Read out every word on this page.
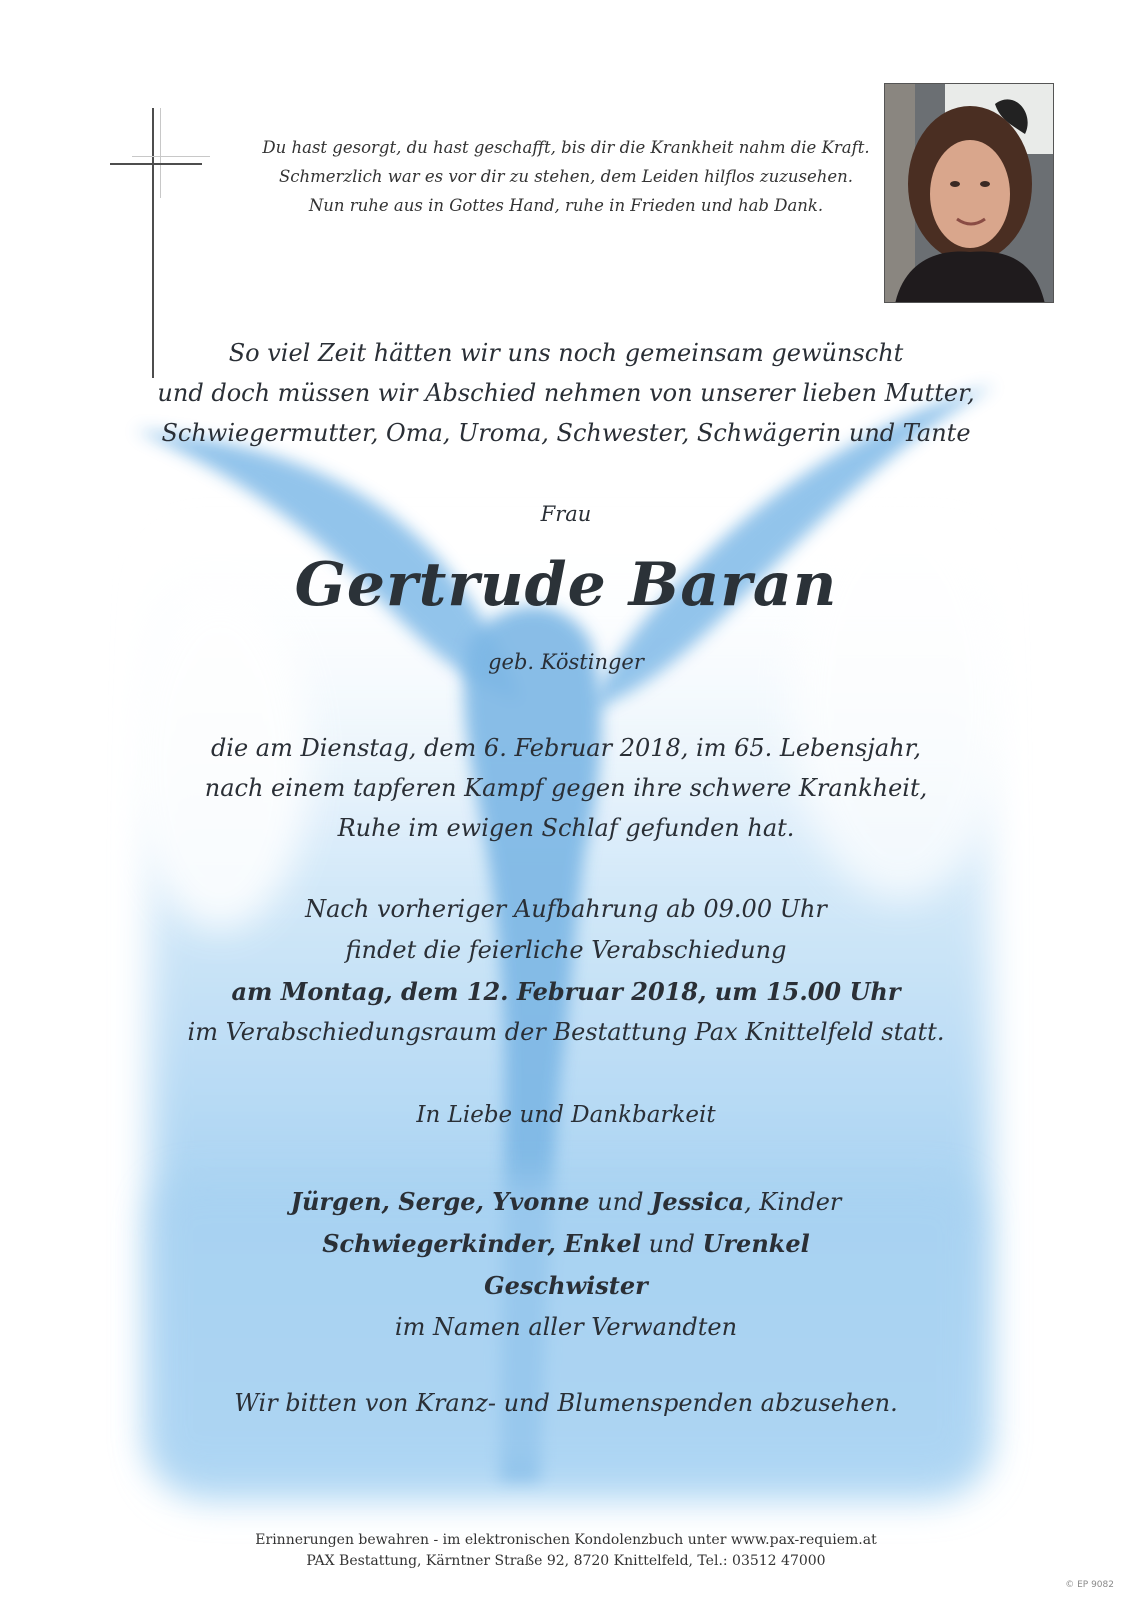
Du hast gesorgt, du hast geschafft, bis dir die Krankheit nahm die Kraft.
Schmerzlich war es vor dir zu stehen, dem Leiden hilflos zuzusehen.
Nun ruhe aus in Gottes Hand, ruhe in Frieden und hab Dank.
So viel Zeit hätten wir uns noch gemeinsam gewünscht
und doch müssen wir Abschied nehmen von unserer lieben Mutter,
Schwiegermutter, Oma, Uroma, Schwester, Schwägerin und Tante
Frau
Gertrude Baran
geb. Köstinger
die am Dienstag, dem 6. Februar 2018, im 65. Lebensjahr,
nach einem tapferen Kampf gegen ihre schwere Krankheit,
Ruhe im ewigen Schlaf gefunden hat.
Nach vorheriger Aufbahrung ab 09.00 Uhr
findet die feierliche Verabschiedung
am Montag, dem 12. Februar 2018, um 15.00 Uhr
im Verabschiedungsraum der Bestattung Pax Knittelfeld statt.
In Liebe und Dankbarkeit
Jürgen, Serge, Yvonne und Jessica, Kinder
Schwiegerkinder, Enkel und Urenkel
Geschwister
im Namen aller Verwandten
Wir bitten von Kranz- und Blumenspenden abzusehen.
Erinnerungen bewahren - im elektronischen Kondolenzbuch unter www.pax-requiem.at
PAX Bestattung, Kärntner Straße 92, 8720 Knittelfeld, Tel.: 03512 47000
© EP 9082
